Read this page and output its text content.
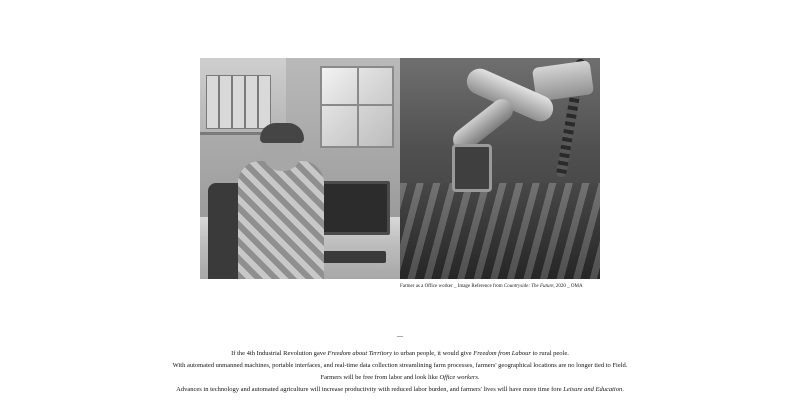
Farmer as a Office worker _ Image Reference from Countryside: The Future, 2020 _ OMA
...

If the 4th Industrial Revolution gave Freedom about Territory to urban people, it would give Freedom from Labour to rural peole.

With automated unmanned machines, portable interfaces, and real-time data collection streamlining farm processes, farmers' geographical locations are no longer tied to Field.

Farmers will be free from labor and look like Office workers.

Advances in technology and automated agriculture will increase productivity with reduced labor burden, and farmers' lives will have more time fore Leisure and Education.
